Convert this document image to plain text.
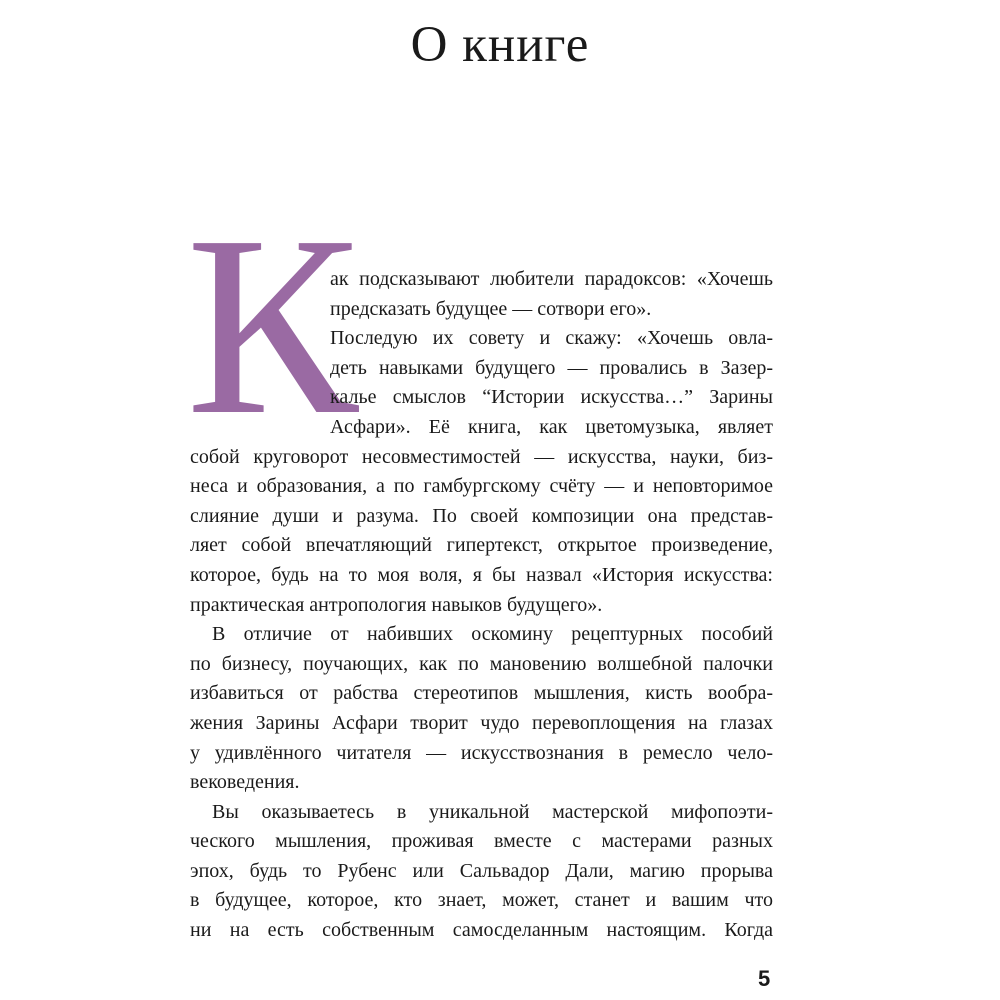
О книге
К
ак подсказывают любители парадоксов: «Хочешь
предсказать будущее — сотвори его».
Последую их совету и скажу: «Хочешь овла-
деть навыками будущего — провались в Зазер-
калье смыслов “Истории искусства…” Зарины
Асфари». Её книга, как цветомузыка, являет
собой круговорот несовместимостей — искусства, науки, биз-
неса и образования, а по гамбургскому счёту — и неповторимое
слияние души и разума. По своей композиции она представ-
ляет собой впечатляющий гипертекст, открытое произведение,
которое, будь на то моя воля, я бы назвал «История искусства:
практическая антропология навыков будущего».
В отличие от набивших оскомину рецептурных пособий
по бизнесу, поучающих, как по мановению волшебной палочки
избавиться от рабства стереотипов мышления, кисть вообра-
жения Зарины Асфари творит чудо перевоплощения на глазах
у удивлённого читателя — искусствознания в ремесло чело-
вековедения.
Вы оказываетесь в уникальной мастерской мифопоэти-
ческого мышления, проживая вместе с мастерами разных
эпох, будь то Рубенс или Сальвадор Дали, магию прорыва
в будущее, которое, кто знает, может, станет и вашим что
ни на есть собственным самосделанным настоящим. Когда
5
